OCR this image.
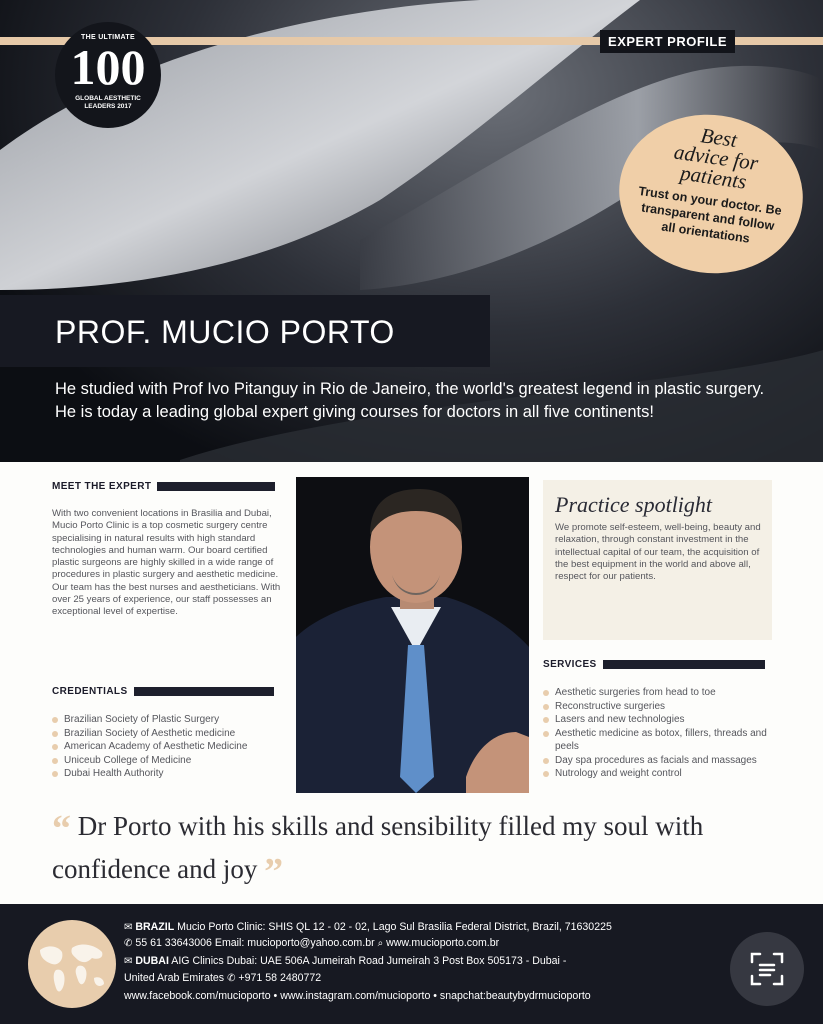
EXPERT PROFILE
THE ULTIMATE
100
GLOBAL AESTHETIC LEADERS 2017
Best advice for patients
Trust on your doctor. Be transparent and follow all orientations
PROF. MUCIO PORTO
He studied with Prof Ivo Pitanguy in Rio de Janeiro, the world's greatest legend in plastic surgery. He is today a leading global expert giving courses for doctors in all five continents!
MEET THE EXPERT
With two convenient locations in Brasilia and Dubai, Mucio Porto Clinic is a top cosmetic surgery centre specialising in natural results with high standard technologies and human warm. Our board certified plastic surgeons are highly skilled in a wide range of procedures in plastic surgery and aesthetic medicine. Our team has the best nurses and aestheticians. With over 25 years of experience, our staff possesses an exceptional level of expertise.
CREDENTIALS
Brazilian Society of Plastic Surgery
Brazilian Society of Aesthetic medicine
American Academy of Aesthetic Medicine
Uniceub College of Medicine
Dubai Health Authority
Practice spotlight
We promote self-esteem, well-being, beauty and relaxation, through constant investment in the intellectual capital of our team, the acquisition of the best equipment in the world and above all, respect for our patients.
SERVICES
Aesthetic surgeries from head to toe
Reconstructive surgeries
Lasers and new technologies
Aesthetic medicine as botox, fillers, threads and peels
Day spa procedures as facials and massages
Nutrology and weight control
“ Dr Porto with his skills and sensibility filled my soul with confidence and joy ”
✉ BRAZIL Mucio Porto Clinic: SHIS QL 12 - 02 - 02, Lago Sul Brasilia Federal District, Brazil, 71630225
✆ 55 61 33643006 Email: mucioporto@yahoo.com.br ⌕ www.mucioporto.com.br
✉ DUBAI AIG Clinics Dubai: UAE 506A Jumeirah Road Jumeirah 3 Post Box 505173 - Dubai -
United Arab Emirates ✆ +971 58 2480772
www.facebook.com/mucioporto • www.instagram.com/mucioporto • snapchat:beautybydrmucioporto
